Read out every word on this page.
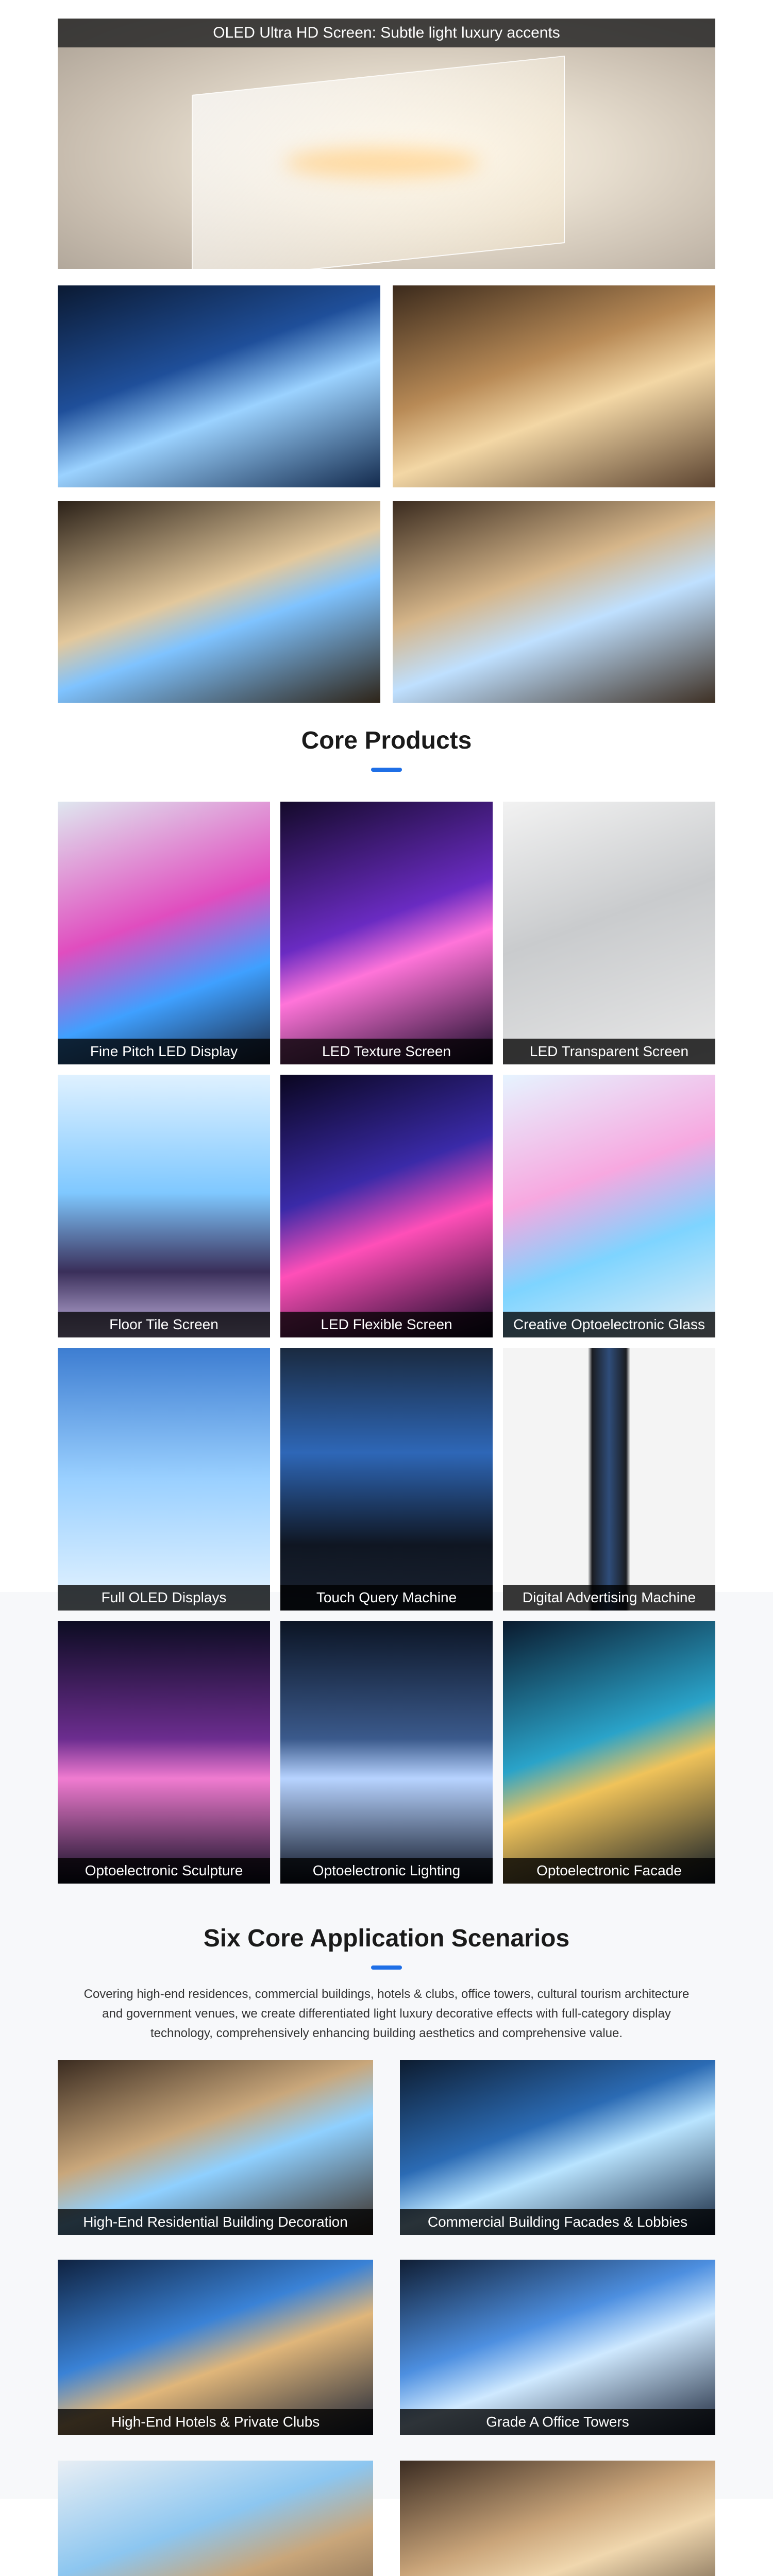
OLED Ultra HD Screen: Subtle light luxury accents
Core Products
Fine Pitch LED Display	LED Texture Screen	LED Transparent Screen
Floor Tile Screen	LED Flexible Screen	Creative Optoelectronic Glass
Full OLED Displays	Touch Query Machine	Digital Advertising Machine
Optoelectronic Sculpture	Optoelectronic Lighting	Optoelectronic Facade
Six Core Application Scenarios
Covering high-end residences, commercial buildings, hotels & clubs, office towers, cultural tourism architecture and government venues, we create differentiated light luxury decorative effects with full-category display technology, comprehensively enhancing building aesthetics and comprehensive value.
High-End Residential Building Decoration	Commercial Building Facades & Lobbies
High-End Hotels & Private Clubs	Grade A Office Towers
